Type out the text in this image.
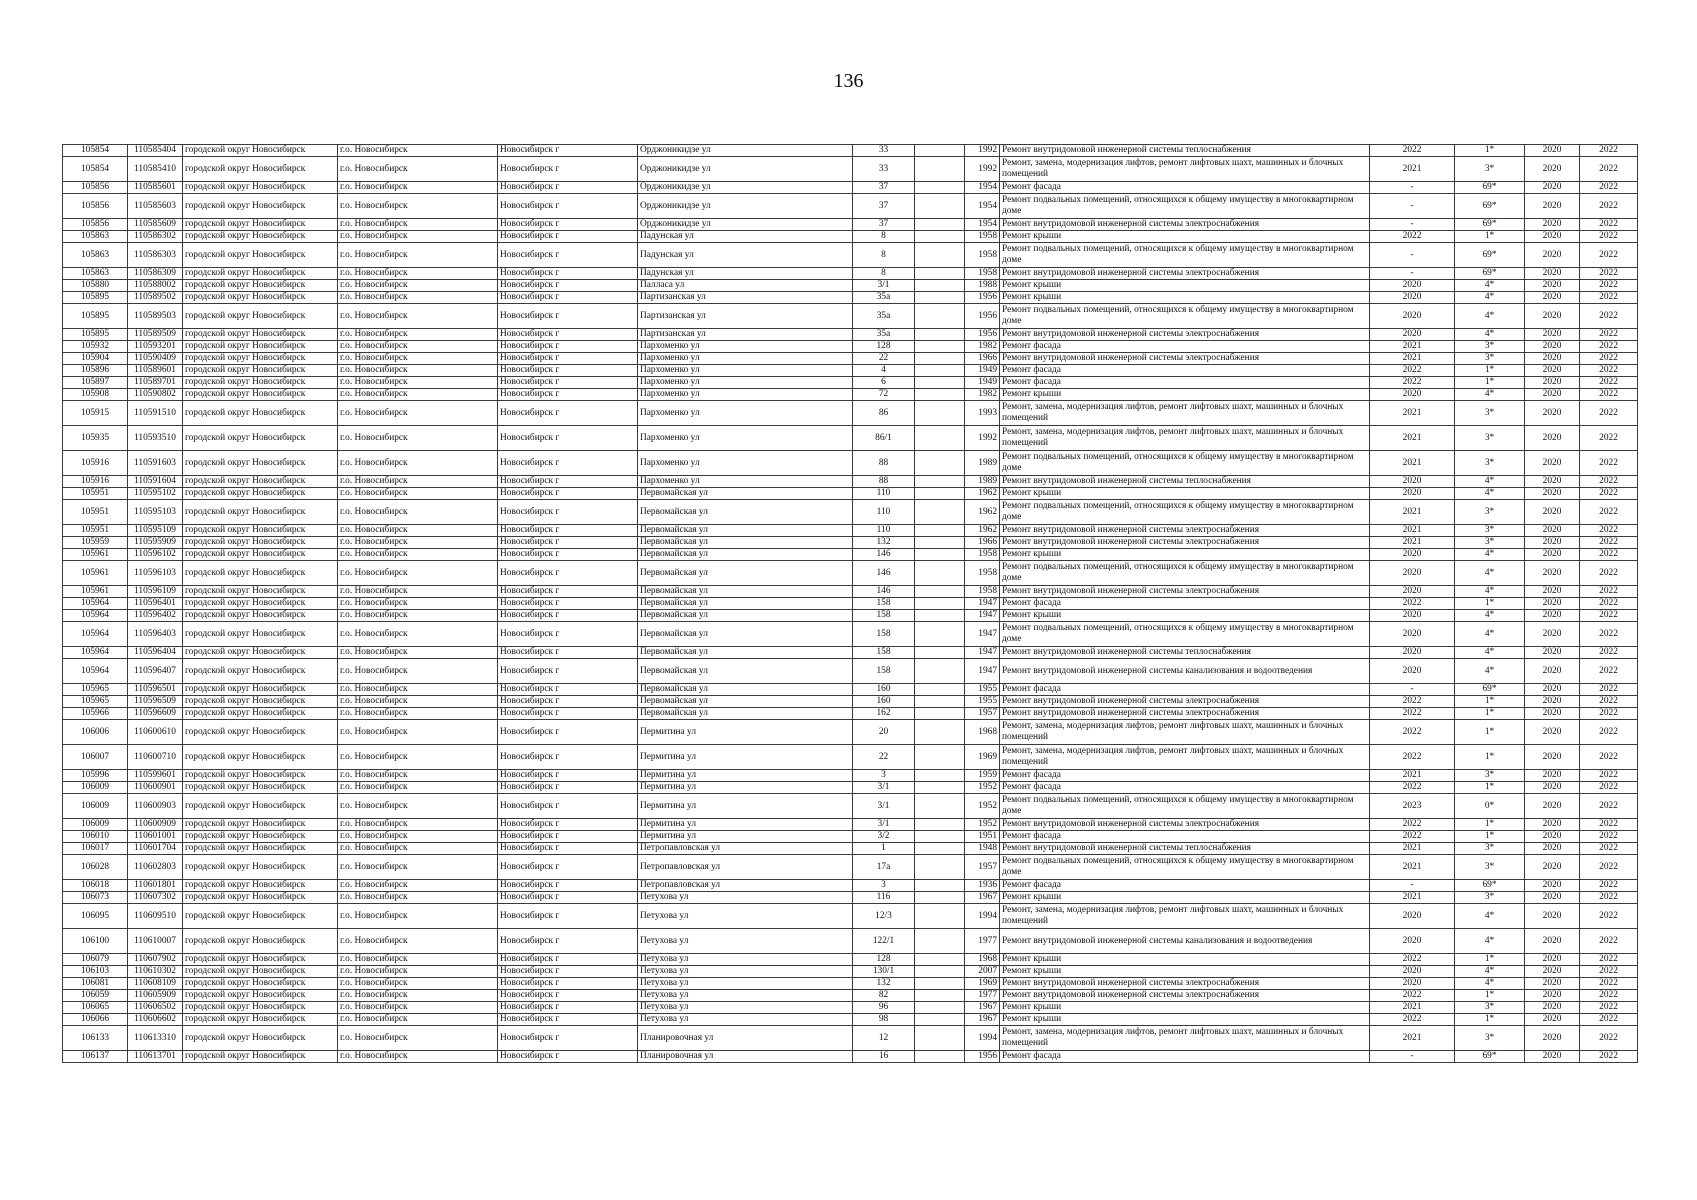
136
105854	110585404	городской округ Новосибирск	г.о. Новосибирск	Новосибирск г	Орджоникидзе ул	33		1992	Ремонт внутридомовой инженерной системы теплоснабжения	2022	1*	2020	2022
105854	110585410	городской округ Новосибирск	г.о. Новосибирск	Новосибирск г	Орджоникидзе ул	33		1992	Ремонт, замена, модернизация лифтов, ремонт лифтовых шахт, машинных и блочных помещений	2021	3*	2020	2022
105856	110585601	городской округ Новосибирск	г.о. Новосибирск	Новосибирск г	Орджоникидзе ул	37		1954	Ремонт фасада	-	69*	2020	2022
105856	110585603	городской округ Новосибирск	г.о. Новосибирск	Новосибирск г	Орджоникидзе ул	37		1954	Ремонт подвальных помещений, относящихся к общему имуществу в многоквартирном доме	-	69*	2020	2022
105856	110585609	городской округ Новосибирск	г.о. Новосибирск	Новосибирск г	Орджоникидзе ул	37		1954	Ремонт внутридомовой инженерной системы электроснабжения	-	69*	2020	2022
105863	110586302	городской округ Новосибирск	г.о. Новосибирск	Новосибирск г	Падунская ул	8		1958	Ремонт крыши	2022	1*	2020	2022
105863	110586303	городской округ Новосибирск	г.о. Новосибирск	Новосибирск г	Падунская ул	8		1958	Ремонт подвальных помещений, относящихся к общему имуществу в многоквартирном доме	-	69*	2020	2022
105863	110586309	городской округ Новосибирск	г.о. Новосибирск	Новосибирск г	Падунская ул	8		1958	Ремонт внутридомовой инженерной системы электроснабжения	-	69*	2020	2022
105880	110588002	городской округ Новосибирск	г.о. Новосибирск	Новосибирск г	Палласа ул	3/1		1988	Ремонт крыши	2020	4*	2020	2022
105895	110589502	городской округ Новосибирск	г.о. Новосибирск	Новосибирск г	Партизанская ул	35а		1956	Ремонт крыши	2020	4*	2020	2022
105895	110589503	городской округ Новосибирск	г.о. Новосибирск	Новосибирск г	Партизанская ул	35а		1956	Ремонт подвальных помещений, относящихся к общему имуществу в многоквартирном доме	2020	4*	2020	2022
105895	110589509	городской округ Новосибирск	г.о. Новосибирск	Новосибирск г	Партизанская ул	35а		1956	Ремонт внутридомовой инженерной системы электроснабжения	2020	4*	2020	2022
105932	110593201	городской округ Новосибирск	г.о. Новосибирск	Новосибирск г	Пархоменко ул	128		1982	Ремонт фасада	2021	3*	2020	2022
105904	110590409	городской округ Новосибирск	г.о. Новосибирск	Новосибирск г	Пархоменко ул	22		1966	Ремонт внутридомовой инженерной системы электроснабжения	2021	3*	2020	2022
105896	110589601	городской округ Новосибирск	г.о. Новосибирск	Новосибирск г	Пархоменко ул	4		1949	Ремонт фасада	2022	1*	2020	2022
105897	110589701	городской округ Новосибирск	г.о. Новосибирск	Новосибирск г	Пархоменко ул	6		1949	Ремонт фасада	2022	1*	2020	2022
105908	110590802	городской округ Новосибирск	г.о. Новосибирск	Новосибирск г	Пархоменко ул	72		1982	Ремонт крыши	2020	4*	2020	2022
105915	110591510	городской округ Новосибирск	г.о. Новосибирск	Новосибирск г	Пархоменко ул	86		1993	Ремонт, замена, модернизация лифтов, ремонт лифтовых шахт, машинных и блочных помещений	2021	3*	2020	2022
105935	110593510	городской округ Новосибирск	г.о. Новосибирск	Новосибирск г	Пархоменко ул	86/1		1992	Ремонт, замена, модернизация лифтов, ремонт лифтовых шахт, машинных и блочных помещений	2021	3*	2020	2022
105916	110591603	городской округ Новосибирск	г.о. Новосибирск	Новосибирск г	Пархоменко ул	88		1989	Ремонт подвальных помещений, относящихся к общему имуществу в многоквартирном доме	2021	3*	2020	2022
105916	110591604	городской округ Новосибирск	г.о. Новосибирск	Новосибирск г	Пархоменко ул	88		1989	Ремонт внутридомовой инженерной системы теплоснабжения	2020	4*	2020	2022
105951	110595102	городской округ Новосибирск	г.о. Новосибирск	Новосибирск г	Первомайская ул	110		1962	Ремонт крыши	2020	4*	2020	2022
105951	110595103	городской округ Новосибирск	г.о. Новосибирск	Новосибирск г	Первомайская ул	110		1962	Ремонт подвальных помещений, относящихся к общему имуществу в многоквартирном доме	2021	3*	2020	2022
105951	110595109	городской округ Новосибирск	г.о. Новосибирск	Новосибирск г	Первомайская ул	110		1962	Ремонт внутридомовой инженерной системы электроснабжения	2021	3*	2020	2022
105959	110595909	городской округ Новосибирск	г.о. Новосибирск	Новосибирск г	Первомайская ул	132		1966	Ремонт внутридомовой инженерной системы электроснабжения	2021	3*	2020	2022
105961	110596102	городской округ Новосибирск	г.о. Новосибирск	Новосибирск г	Первомайская ул	146		1958	Ремонт крыши	2020	4*	2020	2022
105961	110596103	городской округ Новосибирск	г.о. Новосибирск	Новосибирск г	Первомайская ул	146		1958	Ремонт подвальных помещений, относящихся к общему имуществу в многоквартирном доме	2020	4*	2020	2022
105961	110596109	городской округ Новосибирск	г.о. Новосибирск	Новосибирск г	Первомайская ул	146		1958	Ремонт внутридомовой инженерной системы электроснабжения	2020	4*	2020	2022
105964	110596401	городской округ Новосибирск	г.о. Новосибирск	Новосибирск г	Первомайская ул	158		1947	Ремонт фасада	2022	1*	2020	2022
105964	110596402	городской округ Новосибирск	г.о. Новосибирск	Новосибирск г	Первомайская ул	158		1947	Ремонт крыши	2020	4*	2020	2022
105964	110596403	городской округ Новосибирск	г.о. Новосибирск	Новосибирск г	Первомайская ул	158		1947	Ремонт подвальных помещений, относящихся к общему имуществу в многоквартирном доме	2020	4*	2020	2022
105964	110596404	городской округ Новосибирск	г.о. Новосибирск	Новосибирск г	Первомайская ул	158		1947	Ремонт внутридомовой инженерной системы теплоснабжения	2020	4*	2020	2022
105964	110596407	городской округ Новосибирск	г.о. Новосибирск	Новосибирск г	Первомайская ул	158		1947	Ремонт внутридомовой инженерной системы канализования и водоотведения	2020	4*	2020	2022
105965	110596501	городской округ Новосибирск	г.о. Новосибирск	Новосибирск г	Первомайская ул	160		1955	Ремонт фасада	-	69*	2020	2022
105965	110596509	городской округ Новосибирск	г.о. Новосибирск	Новосибирск г	Первомайская ул	160		1955	Ремонт внутридомовой инженерной системы электроснабжения	2022	1*	2020	2022
105966	110596609	городской округ Новосибирск	г.о. Новосибирск	Новосибирск г	Первомайская ул	162		1957	Ремонт внутридомовой инженерной системы электроснабжения	2022	1*	2020	2022
106006	110600610	городской округ Новосибирск	г.о. Новосибирск	Новосибирск г	Пермитина ул	20		1968	Ремонт, замена, модернизация лифтов, ремонт лифтовых шахт, машинных и блочных помещений	2022	1*	2020	2022
106007	110600710	городской округ Новосибирск	г.о. Новосибирск	Новосибирск г	Пермитина ул	22		1969	Ремонт, замена, модернизация лифтов, ремонт лифтовых шахт, машинных и блочных помещений	2022	1*	2020	2022
105996	110599601	городской округ Новосибирск	г.о. Новосибирск	Новосибирск г	Пермитина ул	3		1959	Ремонт фасада	2021	3*	2020	2022
106009	110600901	городской округ Новосибирск	г.о. Новосибирск	Новосибирск г	Пермитина ул	3/1		1952	Ремонт фасада	2022	1*	2020	2022
106009	110600903	городской округ Новосибирск	г.о. Новосибирск	Новосибирск г	Пермитина ул	3/1		1952	Ремонт подвальных помещений, относящихся к общему имуществу в многоквартирном доме	2023	0*	2020	2022
106009	110600909	городской округ Новосибирск	г.о. Новосибирск	Новосибирск г	Пермитина ул	3/1		1952	Ремонт внутридомовой инженерной системы электроснабжения	2022	1*	2020	2022
106010	110601001	городской округ Новосибирск	г.о. Новосибирск	Новосибирск г	Пермитина ул	3/2		1951	Ремонт фасада	2022	1*	2020	2022
106017	110601704	городской округ Новосибирск	г.о. Новосибирск	Новосибирск г	Петропавловская ул	1		1948	Ремонт внутридомовой инженерной системы теплоснабжения	2021	3*	2020	2022
106028	110602803	городской округ Новосибирск	г.о. Новосибирск	Новосибирск г	Петропавловская ул	17а		1957	Ремонт подвальных помещений, относящихся к общему имуществу в многоквартирном доме	2021	3*	2020	2022
106018	110601801	городской округ Новосибирск	г.о. Новосибирск	Новосибирск г	Петропавловская ул	3		1936	Ремонт фасада	-	69*	2020	2022
106073	110607302	городской округ Новосибирск	г.о. Новосибирск	Новосибирск г	Петухова ул	116		1967	Ремонт крыши	2021	3*	2020	2022
106095	110609510	городской округ Новосибирск	г.о. Новосибирск	Новосибирск г	Петухова ул	12/3		1994	Ремонт, замена, модернизация лифтов, ремонт лифтовых шахт, машинных и блочных помещений	2020	4*	2020	2022
106100	110610007	городской округ Новосибирск	г.о. Новосибирск	Новосибирск г	Петухова ул	122/1		1977	Ремонт внутридомовой инженерной системы канализования и водоотведения	2020	4*	2020	2022
106079	110607902	городской округ Новосибирск	г.о. Новосибирск	Новосибирск г	Петухова ул	128		1968	Ремонт крыши	2022	1*	2020	2022
106103	110610302	городской округ Новосибирск	г.о. Новосибирск	Новосибирск г	Петухова ул	130/1		2007	Ремонт крыши	2020	4*	2020	2022
106081	110608109	городской округ Новосибирск	г.о. Новосибирск	Новосибирск г	Петухова ул	132		1969	Ремонт внутридомовой инженерной системы электроснабжения	2020	4*	2020	2022
106059	110605909	городской округ Новосибирск	г.о. Новосибирск	Новосибирск г	Петухова ул	82		1977	Ремонт внутридомовой инженерной системы электроснабжения	2022	1*	2020	2022
106065	110606502	городской округ Новосибирск	г.о. Новосибирск	Новосибирск г	Петухова ул	96		1967	Ремонт крыши	2021	3*	2020	2022
106066	110606602	городской округ Новосибирск	г.о. Новосибирск	Новосибирск г	Петухова ул	98		1967	Ремонт крыши	2022	1*	2020	2022
106133	110613310	городской округ Новосибирск	г.о. Новосибирск	Новосибирск г	Планировочная ул	12		1994	Ремонт, замена, модернизация лифтов, ремонт лифтовых шахт, машинных и блочных помещений	2021	3*	2020	2022
106137	110613701	городской округ Новосибирск	г.о. Новосибирск	Новосибирск г	Планировочная ул	16		1956	Ремонт фасада	-	69*	2020	2022
